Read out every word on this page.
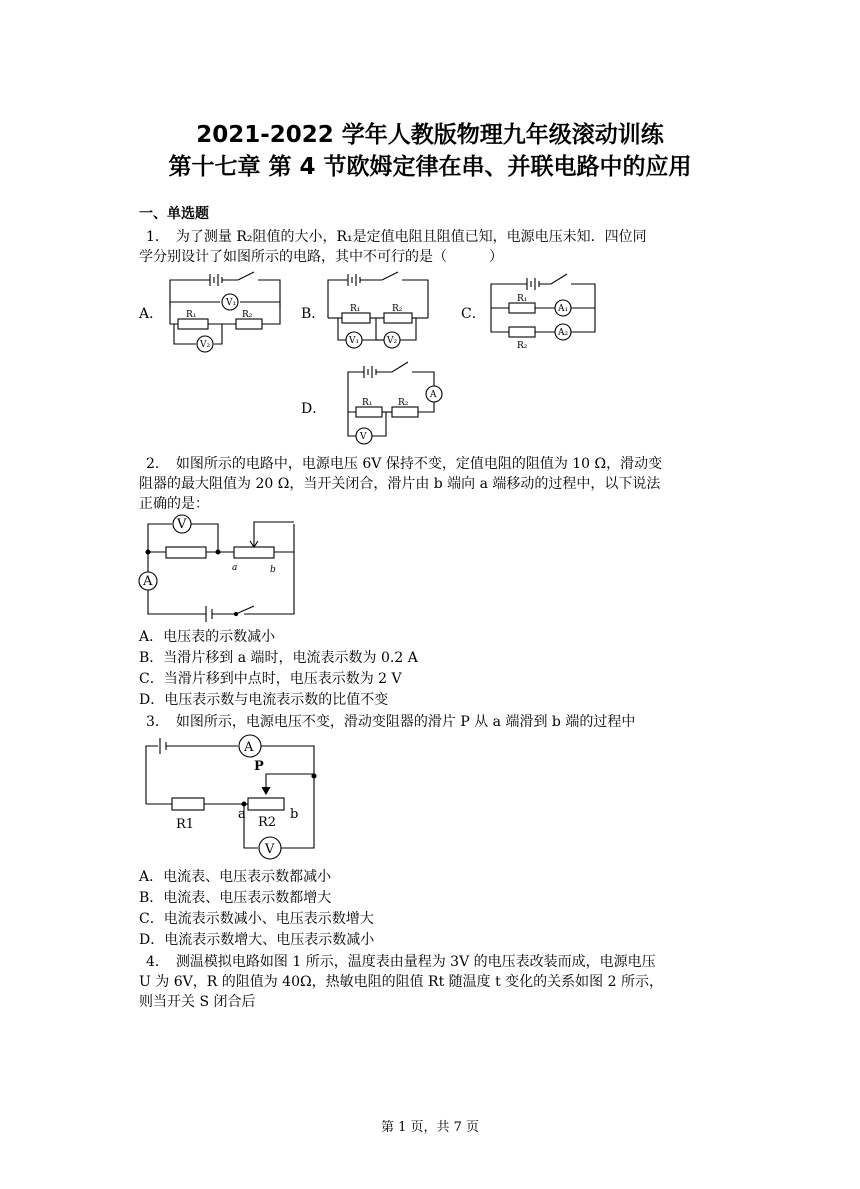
2021-2022 学年人教版物理九年级滚动训练
第十七章 第 4 节欧姆定律在串、并联电路中的应用
一、单选题
1．　为了测量 R₂阻值的大小，R₁是定值电阻且阻值已知，电源电压未知．四位同
学分别设计了如图所示的电路，其中不可行的是（　　　）
A．	B．	C．
D．
V₁
R₁	R₂
V₂
R₁	R₂
V₁	V₂
R₁
A₁
R₂
A₂
A
R₁	R₂
V
2．　如图所示的电路中，电源电压 6V 保持不变，定值电阻的阻值为 10 Ω，滑动变
阻器的最大阻值为 20 Ω，当开关闭合，滑片由 b 端向 a 端移动的过程中，以下说法
正确的是：
V
a	b
A
A．电压表的示数减小
B．当滑片移到 a 端时，电流表示数为 0.2 A
C．当滑片移到中点时，电压表示数为 2 V
D．电压表示数与电流表示数的比值不变
3．　如图所示，电源电压不变，滑动变阻器的滑片 P 从 a 端滑到 b 端的过程中
A
R1	R2
P
a	b
V
A．电流表、电压表示数都减小
B．电流表、电压表示数都增大
C．电流表示数减小、电压表示数增大
D．电流表示数增大、电压表示数减小
4．　测温模拟电路如图 1 所示，温度表由量程为 3V 的电压表改装而成，电源电压
U 为 6V，R 的阻值为 40Ω，热敏电阻的阻值 Rt 随温度 t 变化的关系如图 2 所示，
则当开关 S 闭合后
第 1 页，共 7 页
